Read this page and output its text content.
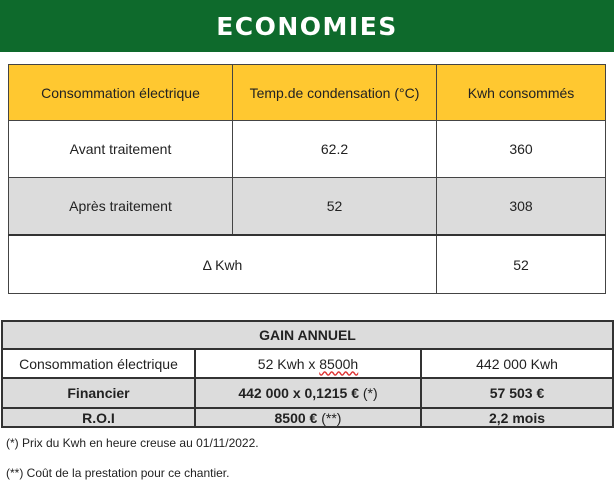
ECONOMIES
Consommation électrique	Temp.de condensation (°C)	Kwh consommés
Avant traitement	62.2	360
Après traitement	52	308
Δ Kwh		52
GAIN ANNUEL		
Consommation électrique	52 Kwh x 8500h	442 000 Kwh
Financier	442 000 x 0,1215 € (*)	57 503 €
R.O.I	8500 € (**)	2,2 mois
(*) Prix du Kwh en heure creuse au 01/11/2022.
(**) Coût de la prestation pour ce chantier.
